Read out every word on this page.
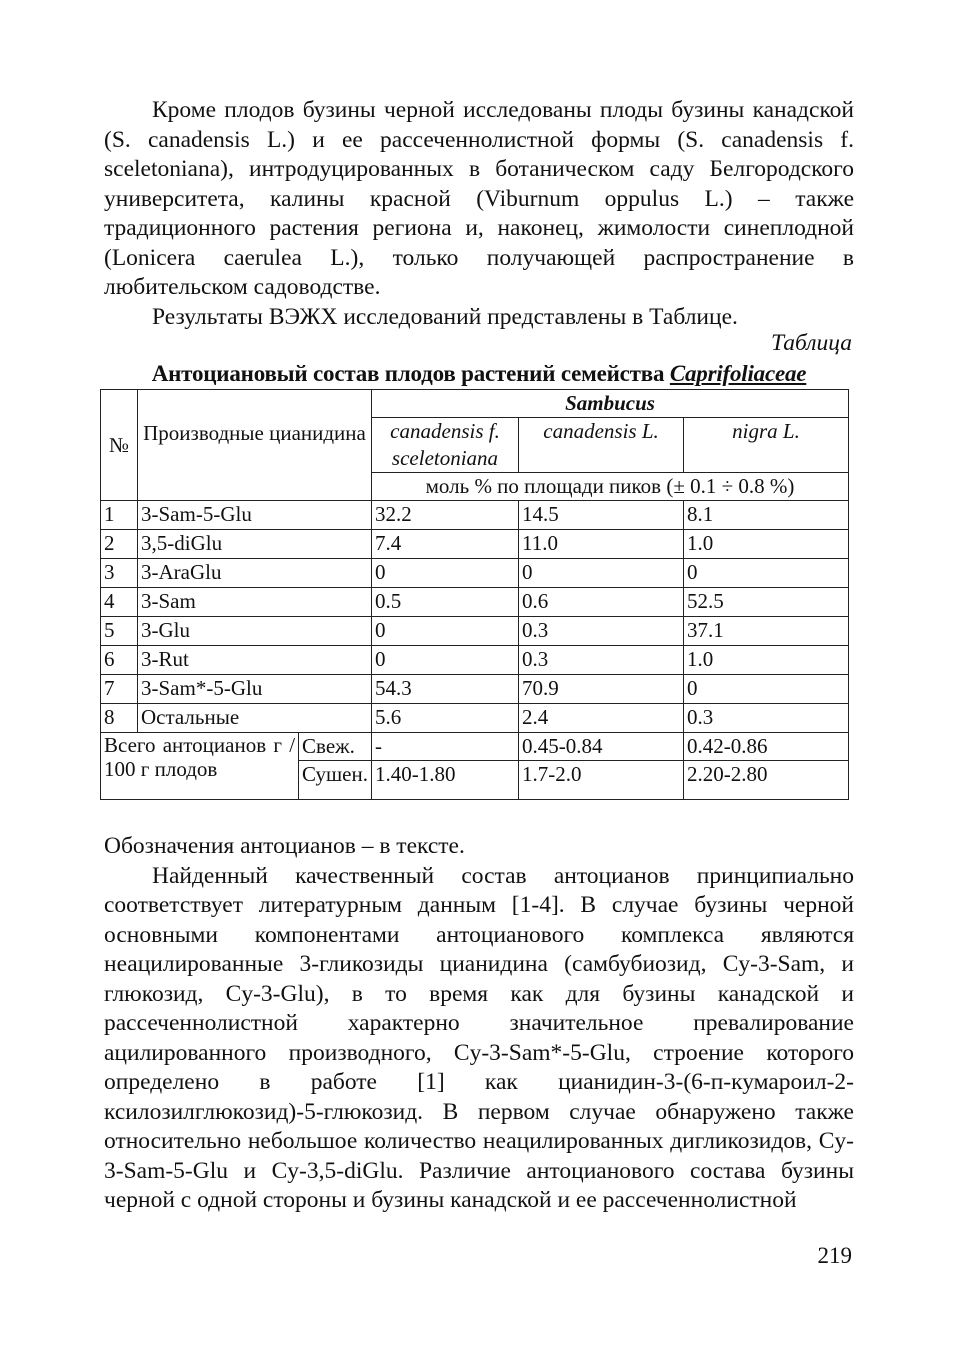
Кроме плодов бузины черной исследованы плоды бузины канадской (S. canadensis L.) и ее рассеченнолистной формы (S. canadensis f. sceletoniana), интродуцированных в ботаническом саду Белгородского университета, калины красной (Viburnum oppulus L.) – также традиционного растения региона и, наконец, жимолости синеплодной (Lonicera caerulea L.), только получающей распространение в любительском садоводстве.

Результаты ВЭЖХ исследований представлены в Таблице.

Таблица
Антоциановый состав плодов растений семейства Caprifoliaceae
№	Производные цианидина		Sambucus		
			canadensis f. sceletoniana	canadensis L.	nigra L.
			моль % по площади пиков (± 0.1 ÷ 0.8 %)		
1	3-Sam-5-Glu		32.2	14.5	8.1
2	3,5-diGlu		7.4	11.0	1.0
3	3-AraGlu		0	0	0
4	3-Sam		0.5	0.6	52.5
5	3-Glu		0	0.3	37.1
6	3-Rut		0	0.3	1.0
7	3-Sam*-5-Glu		54.3	70.9	0
8	Остальные		5.6	2.4	0.3
Всего антоцианов г / 100 г плодов		Свеж.	-	0.45-0.84	0.42-0.86
		Сушен.	1.40-1.80	1.7-2.0	2.20-2.80

Обозначения антоцианов – в тексте.

Найденный качественный состав антоцианов принципиально соответствует литературным данным [1-4]. В случае бузины черной основными компонентами антоцианового комплекса являются неацилированные 3-гликозиды цианидина (самбубиозид, Cy-3-Sam, и глюкозид, Cy-3-Glu), в то время как для бузины канадской и рассеченнолистной характерно значительное превалирование ацилированного производного, Cy-3-Sam*-5-Glu, строение которого определено в работе [1] как цианидин-3-(6-п-кумароил-2-ксилозилглюкозид)-5-глюкозид. В первом случае обнаружено также относительно небольшое количество неацилированных дигликозидов, Cy-3-Sam-5-Glu и Cy-3,5-diGlu. Различие антоцианового состава бузины черной с одной стороны и бузины канадской и ее рассеченнолистной

219
